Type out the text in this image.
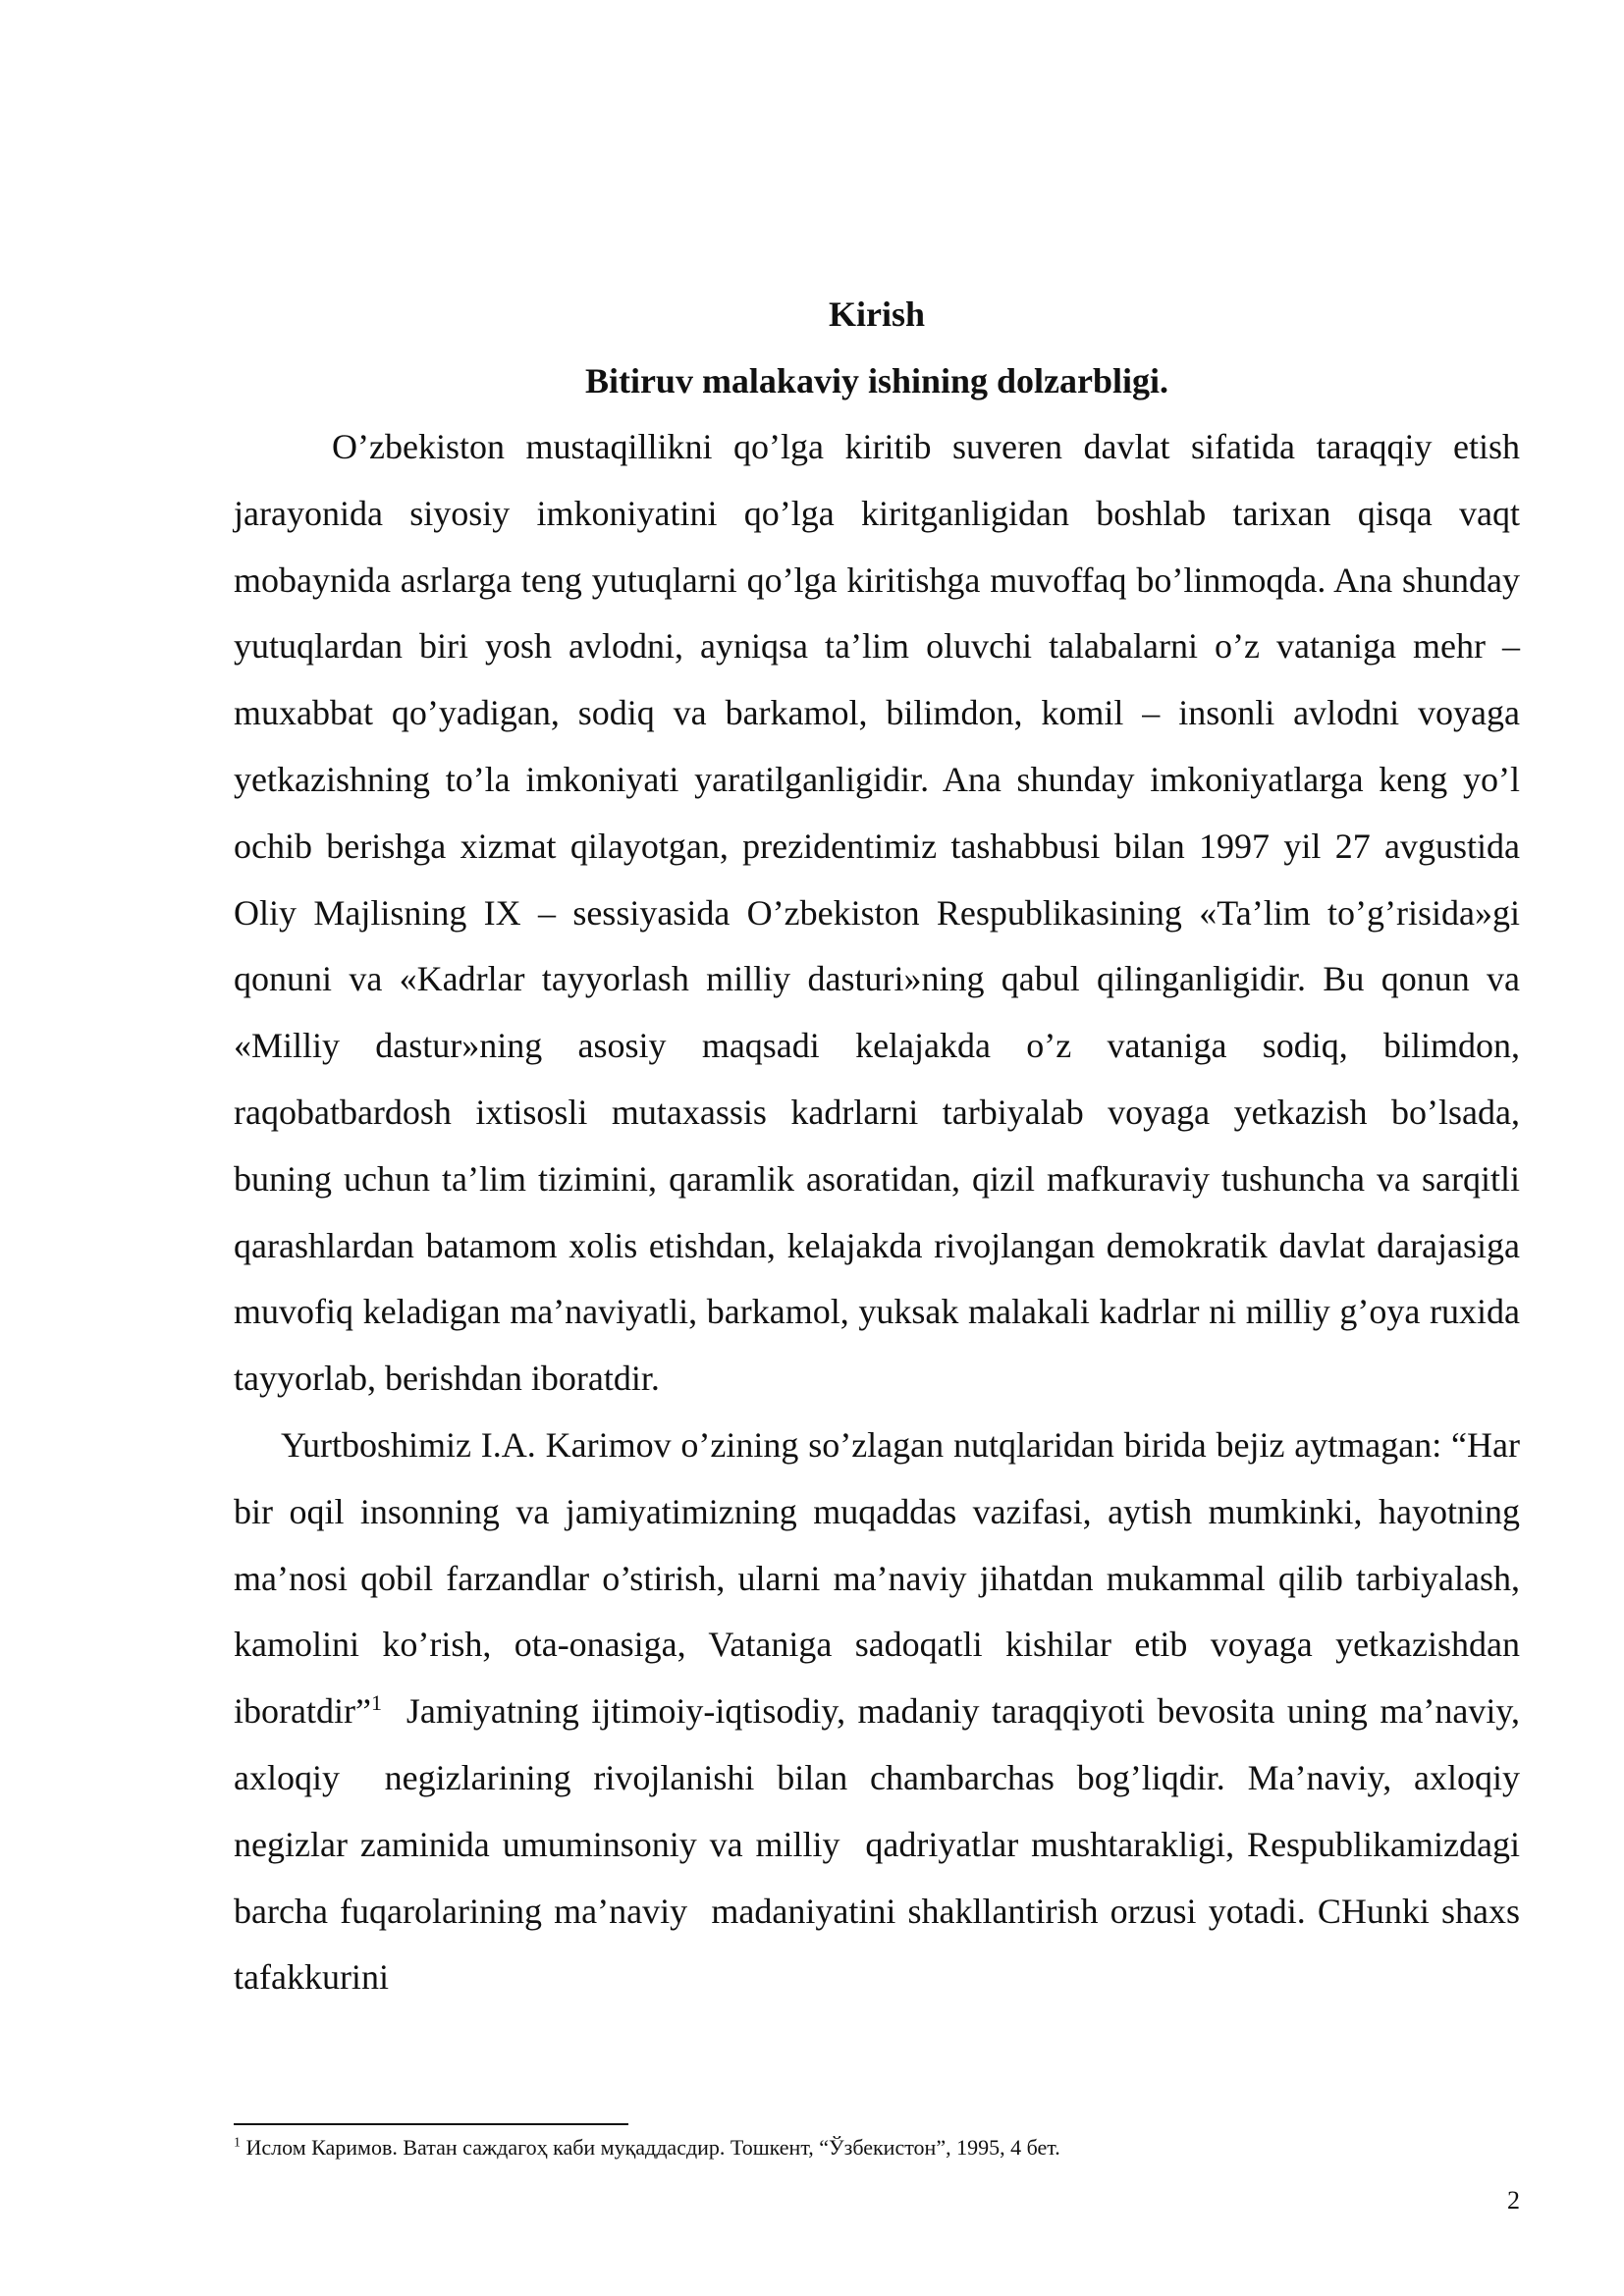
Kirish

Bitiruv malakaviy ishining dolzarbligi.

O’zbekiston mustaqillikni qo’lga kiritib suveren davlat sifatida taraqqiy etish jarayonida siyosiy imkoniyatini qo’lga kiritganligidan boshlab tarixan qisqa vaqt mobaynida asrlarga teng yutuqlarni qo’lga kiritishga muvoffaq bo’linmoqda. Ana shunday yutuqlardan biri yosh avlodni, ayniqsa ta’lim oluvchi talabalarni o’z vataniga mehr – muxabbat qo’yadigan, sodiq va barkamol, bilimdon, komil – insonli avlodni voyaga yetkazishning to’la imkoniyati yaratilganligidir. Ana shunday imkoniyatlarga keng yo’l ochib berishga xizmat qilayotgan, prezidentimiz tashabbusi bilan 1997 yil 27 avgustida Oliy Majlisning IX – sessiyasida O’zbekiston Respublikasining «Ta’lim to’g’risida»gi qonuni va «Kadrlar tayyorlash milliy dasturi»ning qabul qilinganligidir. Bu qonun va «Milliy dastur»ning asosiy maqsadi kelajakda o’z vataniga sodiq, bilimdon, raqobatbardosh ixtisosli mutaxassis kadrlarni tarbiyalab voyaga yetkazish bo’lsada, buning uchun ta’lim tizimini, qaramlik asoratidan, qizil mafkuraviy tushuncha va sarqitli qarashlardan batamom xolis etishdan, kelajakda rivojlangan demokratik davlat darajasiga muvofiq keladigan ma’naviyatli, barkamol, yuksak malakali kadrlar ni milliy g’oya ruxida tayyorlab, berishdan iboratdir.

Yurtboshimiz I.A. Karimov o’zining so’zlagan nutqlaridan birida bejiz aytmagan: “Har bir oqil insonning va jamiyatimizning muqaddas vazifasi, aytish mumkinki, hayotning ma’nosi qobil farzandlar o’stirish, ularni ma’naviy jihatdan mukammal qilib tarbiyalash, kamolini ko’rish, ota-onasiga, Vataniga sadoqatli kishilar etib voyaga yetkazishdan iboratdir”$^1$  Jamiyatning ijtimoiy-iqtisodiy, madaniy taraqqiyoti bevosita uning ma’naviy, axloqiy  negizlarining rivojlanishi bilan chambarchas bog’liqdir. Ma’naviy, axloqiy negizlar zaminida umuminsoniy va milliy  qadriyatlar mushtarakligi, Respublikamizdagi barcha fuqarolarining ma’naviy  madaniyatini shakllantirish orzusi yotadi. CHunki shaxs tafakkurini

$^1$ Ислом Каримов. Ватан саждагоҳ каби муқаддасдир. Тошкент, “Ўзбекистон”, 1995, 4 бет.

2
